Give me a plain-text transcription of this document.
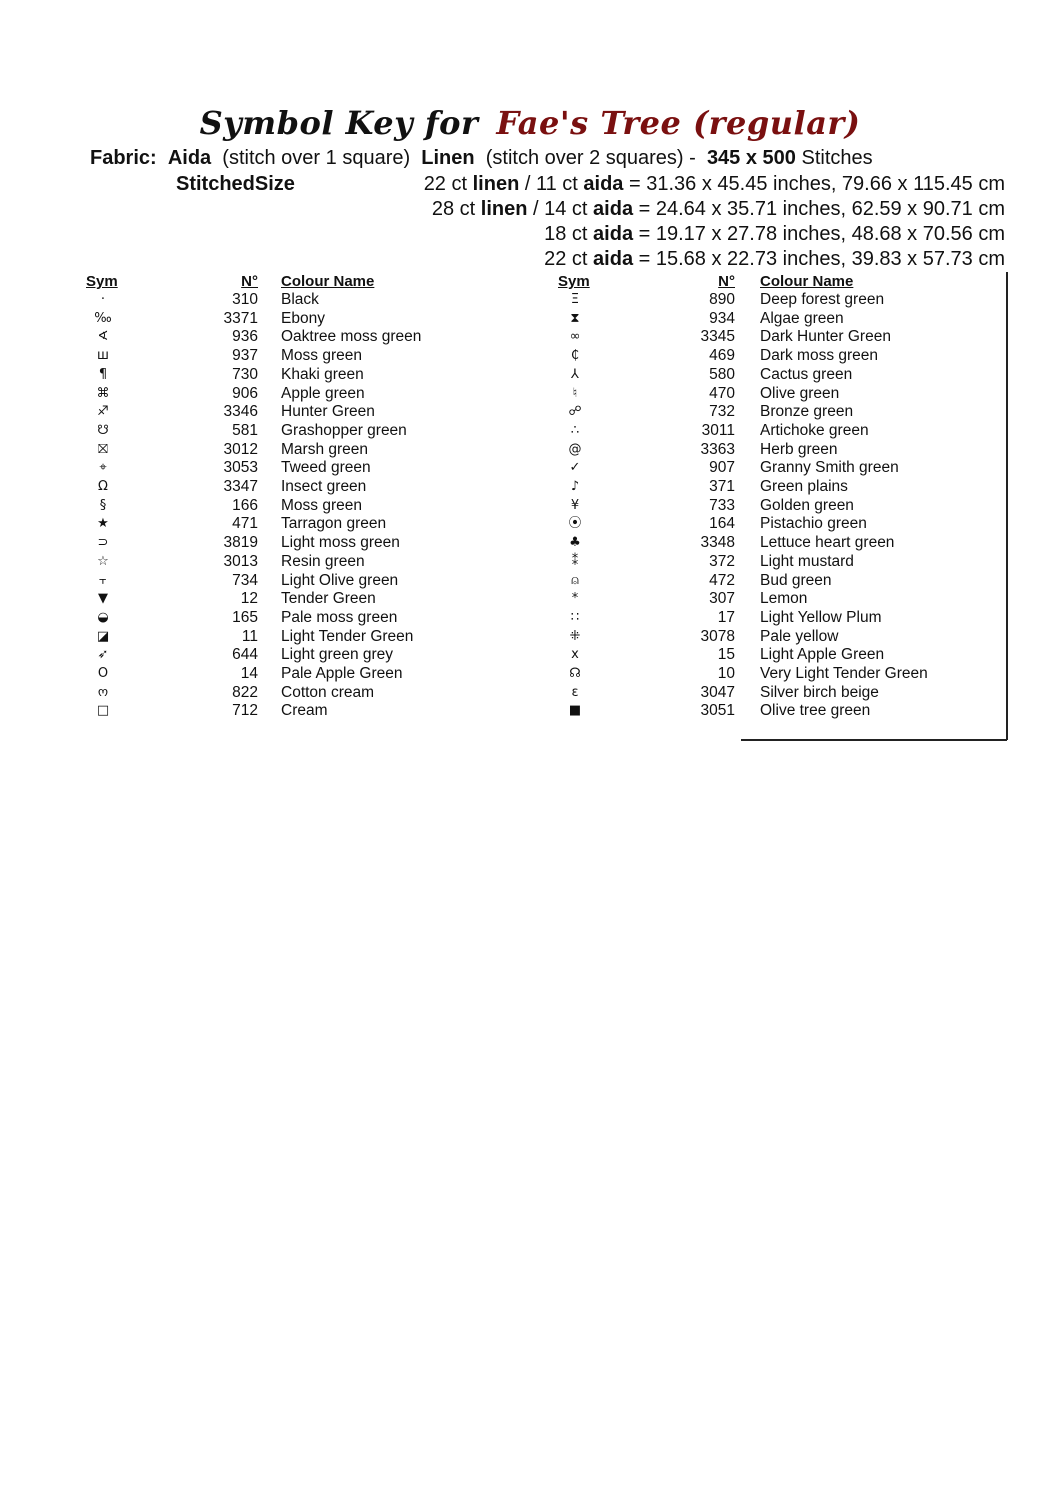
Symbol Key for Fae's Tree (regular)
Fabric: Aida (stitch over 1 square) Linen (stitch over 2 squares) - 345 x 500 Stitches
StitchedSize	22 ct linen / 11 ct aida = 31.36 x 45.45 inches, 79.66 x 115.45 cm
28 ct linen / 14 ct aida = 24.64 x 35.71 inches, 62.59 x 90.71 cm
18 ct aida = 19.17 x 27.78 inches, 48.68 x 70.56 cm
22 ct aida = 15.68 x 22.73 inches, 39.83 x 57.73 cm
Sym	N° Colour Name	Sym	N° Colour Name
·	310 Black
‰	3371 Ebony
∢	936 Oaktree moss green
ш	937 Moss green
¶	730 Khaki green
⌘	906 Apple green
♐	3346 Hunter Green
☋	581 Grashopper green
⛝	3012 Marsh green
⌖	3053 Tweed green
Ω	3347 Insect green
§	166 Moss green
★	471 Tarragon green
⊃	3819 Light moss green
☆	3013 Resin green
⫟	734 Light Olive green
▼	12 Tender Green
◒	165 Pale moss green
◪	11 Light Tender Green
➶	644 Light green grey
O	14 Pale Apple Green
ო	822 Cotton cream
□	712 Cream
Ξ	890 Deep forest green
⧗	934 Algae green
∞	3345 Dark Hunter Green
₵	469 Dark moss green
⅄	580 Cactus green
♮	470 Olive green
☍	732 Bronze green
∴	3011 Artichoke green
@	3363 Herb green
✓	907 Granny Smith green
♪	371 Green plains
¥	733 Golden green
⦿	164 Pistachio green
♣	3348 Lettuce heart green
⁑	372 Light mustard
⍝	472 Bud green
*	307 Lemon
∷	17 Light Yellow Plum
⁜	3078 Pale yellow
x	15 Light Apple Green
☊	10 Very Light Tender Green
ε	3047 Silver birch beige
■	3051 Olive tree green
